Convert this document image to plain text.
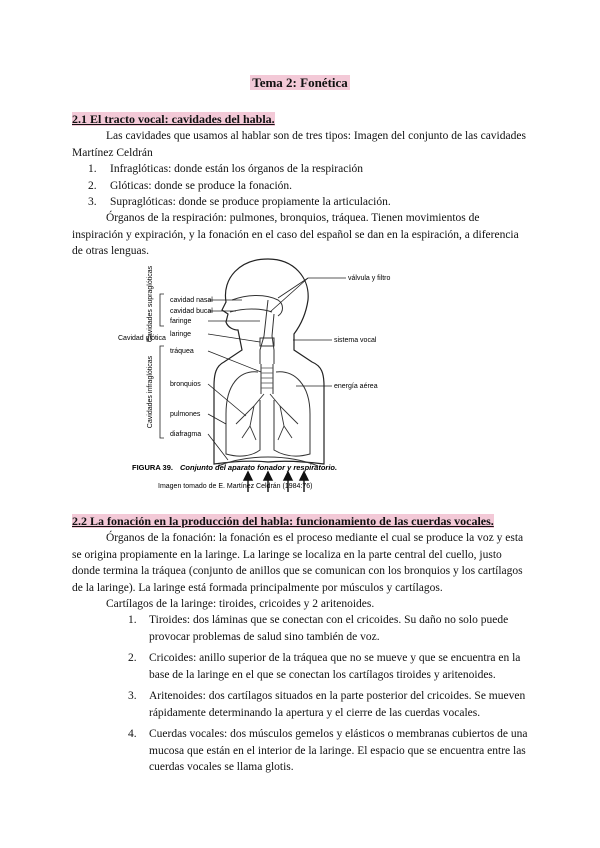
Tema 2: Fonética
2.1 El tracto vocal: cavidades del habla.

Las cavidades que usamos al hablar son de tres tipos: Imagen del conjunto de las cavidades Martínez Celdrán

1. Infraglóticas: donde están los órganos de la respiración
2. Glóticas: donde se produce la fonación.
3. Supraglóticas: donde se produce propiamente la articulación.

Órganos de la respiración: pulmones, bronquios, tráquea. Tienen movimientos de inspiración y expiración, y la fonación en el caso del español se dan en la espiración, a diferencia de otras lenguas.

válvula y filtro
sistema vocal
energía aérea
cavidad nasal
cavidad bucal
faringe
laringe
tráquea
bronquios
pulmones
diafragma
Cavidades supraglóticas
Cavidad glótica
Cavidades infraglóticas
FIGURA 39. Conjunto del aparato fonador y respiratorio.
Imagen tomado de E. Martínez Celdrán (1984:76)
2.2 La fonación en la producción del habla: funcionamiento de las cuerdas vocales.

Órganos de la fonación: la fonación es el proceso mediante el cual se produce la voz y esta se origina propiamente en la laringe. La laringe se localiza en la parte central del cuello, justo donde termina la tráquea (conjunto de anillos que se comunican con los bronquios y los cartílagos de la laringe). La laringe está formada principalmente por músculos y cartílagos.

Cartílagos de la laringe: tiroides, cricoides y 2 aritenoides.

1. Tiroides: dos láminas que se conectan con el cricoides. Su daño no solo puede provocar problemas de salud sino también de voz.
2. Cricoides: anillo superior de la tráquea que no se mueve y que se encuentra en la base de la laringe en el que se conectan los cartílagos tiroides y aritenoides.
3. Aritenoides: dos cartílagos situados en la parte posterior del cricoides. Se mueven rápidamente determinando la apertura y el cierre de las cuerdas vocales.
4. Cuerdas vocales: dos músculos gemelos y elásticos o membranas cubiertos de una mucosa que están en el interior de la laringe. El espacio que se encuentra entre las cuerdas vocales se llama glotis.
